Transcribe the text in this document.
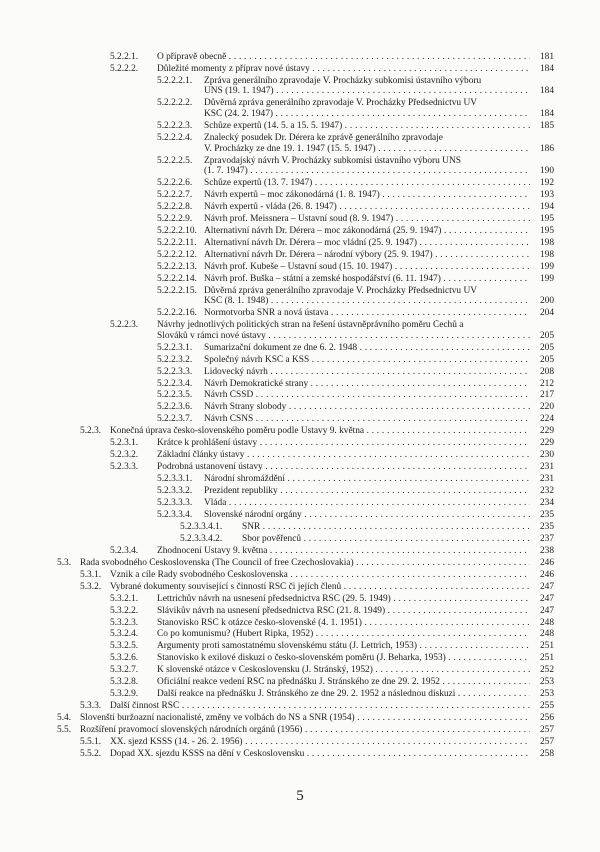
5.2.2.1. O přípravě obecně . . .	181
5.2.2.2. Důležité momenty z příprav nové ústavy . . .	184
5.2.2.2.1. Zpráva generálního zpravodaje V. Procházky subkomisi ústavního výboru
ÚNS (19. 1. 1947) . . .	184
5.2.2.2.2. Důvěrná zpráva generálního zpravodaje V. Procházky Předsednictvu ÚV
KSČ (24. 2. 1947) . . .	184
5.2.2.2.3. Schůze expertů (14. 5. a 15. 5. 1947) . . .	185
5.2.2.2.4. Znalecký posudek Dr. Dérera ke zprávě generálního zpravodaje
V. Procházky ze dne 19. 1. 1947 (15. 5. 1947) . . .	186
5.2.2.2.5. Zpravodajský návrh V. Procházky subkomisi ústavního výboru ÚNS
(1. 7. 1947) . . .	190
5.2.2.2.6. Schůze expertů (13. 7. 1947) . . .	192
5.2.2.2.7. Návrh expertů – moc zákonodárná (1. 8. 1947) . . .	193
5.2.2.2.8. Návrh expertů - vláda (26. 8. 1947) . . .	194
5.2.2.2.9. Návrh prof. Meissnera – Ústavní soud (8. 9. 1947) . . .	195
5.2.2.2.10. Alternativní návrh Dr. Dérera – moc zákonodárná (25. 9. 1947) . . .	195
5.2.2.2.11. Alternativní návrh Dr. Dérera – moc vládní (25. 9. 1947) . . .	198
5.2.2.2.12. Alternativní návrh Dr. Dérera – národní výbory (25. 9. 1947) . . .	198
5.2.2.2.13. Návrh prof. Kubeše – Ústavní soud (15. 10. 1947) . . .	199
5.2.2.2.14. Návrh prof. Buška – státní a zemské hospodářství (6. 11. 1947) . . .	199
5.2.2.2.15. Důvěrná zpráva generálního zpravodaje V. Procházky Předsednictvu ÚV
KSČ (8. 1. 1948) . . .	200
5.2.2.2.16. Normotvorba SNR a nová ústava . . .	204
5.2.2.3. Návrhy jednotlivých politických stran na řešení ústavněprávního poměru Čechů a
Slováků v rámci nové ústavy . . .	205
5.2.2.3.1. Sumarizační dokument ze dne 6. 2. 1948 . . .	205
5.2.2.3.2. Společný návrh KSČ a KSS . . .	205
5.2.2.3.3. Lidovecký návrh . . .	208
5.2.2.3.4. Návrh Demokratické strany . . .	212
5.2.2.3.5. Návrh ČSSD . . .	217
5.2.2.3.6. Návrh Strany slobody . . .	220
5.2.2.3.7. Návrh ČSNS . . .	224
5.2.3. Konečná úprava česko-slovenského poměru podle Ústavy 9. května . . .	229
5.2.3.1. Krátce k prohlášení ústavy . . .	229
5.2.3.2. Základní články ústavy . . .	230
5.2.3.3. Podrobná ustanovení ústavy . . .	231
5.2.3.3.1. Národní shromáždění . . .	231
5.2.3.3.2. Prezident republiky . . .	232
5.2.3.3.3. Vláda . . .	234
5.2.3.3.4. Slovenské národní orgány . . .	235
5.2.3.3.4.1. SNR . . .	235
5.2.3.3.4.2. Sbor pověřenců . . .	237
5.2.3.4. Zhodnocení Ústavy 9. května . . .	238
5.3. Rada svobodného Československa (The Council of free Czechoslovakia) . . .	246
5.3.1. Vznik a cíle Rady svobodného Československa . . .	246
5.3.2. Vybrané dokumenty související s činností RSČ či jejích členů . . .	247
5.3.2.1. Lettrichův návrh na usnesení předsednictva RSČ (29. 5. 1949) . . .	247
5.3.2.2. Slávikův návrh na usnesení předsednictva RSČ (21. 8. 1949) . . .	247
5.3.2.3. Stanovisko RSČ k otázce česko-slovenské (4. 1. 1951) . . .	248
5.3.2.4. Co po komunismu? (Hubert Ripka, 1952) . . .	248
5.3.2.5. Argumenty proti samostatnému slovenskému státu (J. Lettrich, 1953) . . .	251
5.3.2.6. Stanovisko k exilové diskuzi o česko-slovenském poměru (J. Beharka, 1953) . . .	251
5.3.2.7. K slovenské otázce v Československu (J. Stránský, 1952) . . .	252
5.3.2.8. Oficiální reakce vedení RSČ na přednášku J. Stránského ze dne 29. 2. 1952 . . .	253
5.3.2.9. Další reakce na přednášku J. Stránského ze dne 29. 2. 1952 a následnou diskuzi . . .	253
5.3.3. Další činnost RSČ . . .	255
5.4. Slovenští buržoazní nacionalisté, změny ve volbách do NS a SNR (1954) . . .	256
5.5. Rozšíření pravomocí slovenských národních orgánů (1956) . . .	257
5.5.1. XX. sjezd KSSS (14. - 26. 2. 1956) . . .	257
5.5.2. Dopad XX. sjezdu KSSS na dění v Československu . . .	258
5
